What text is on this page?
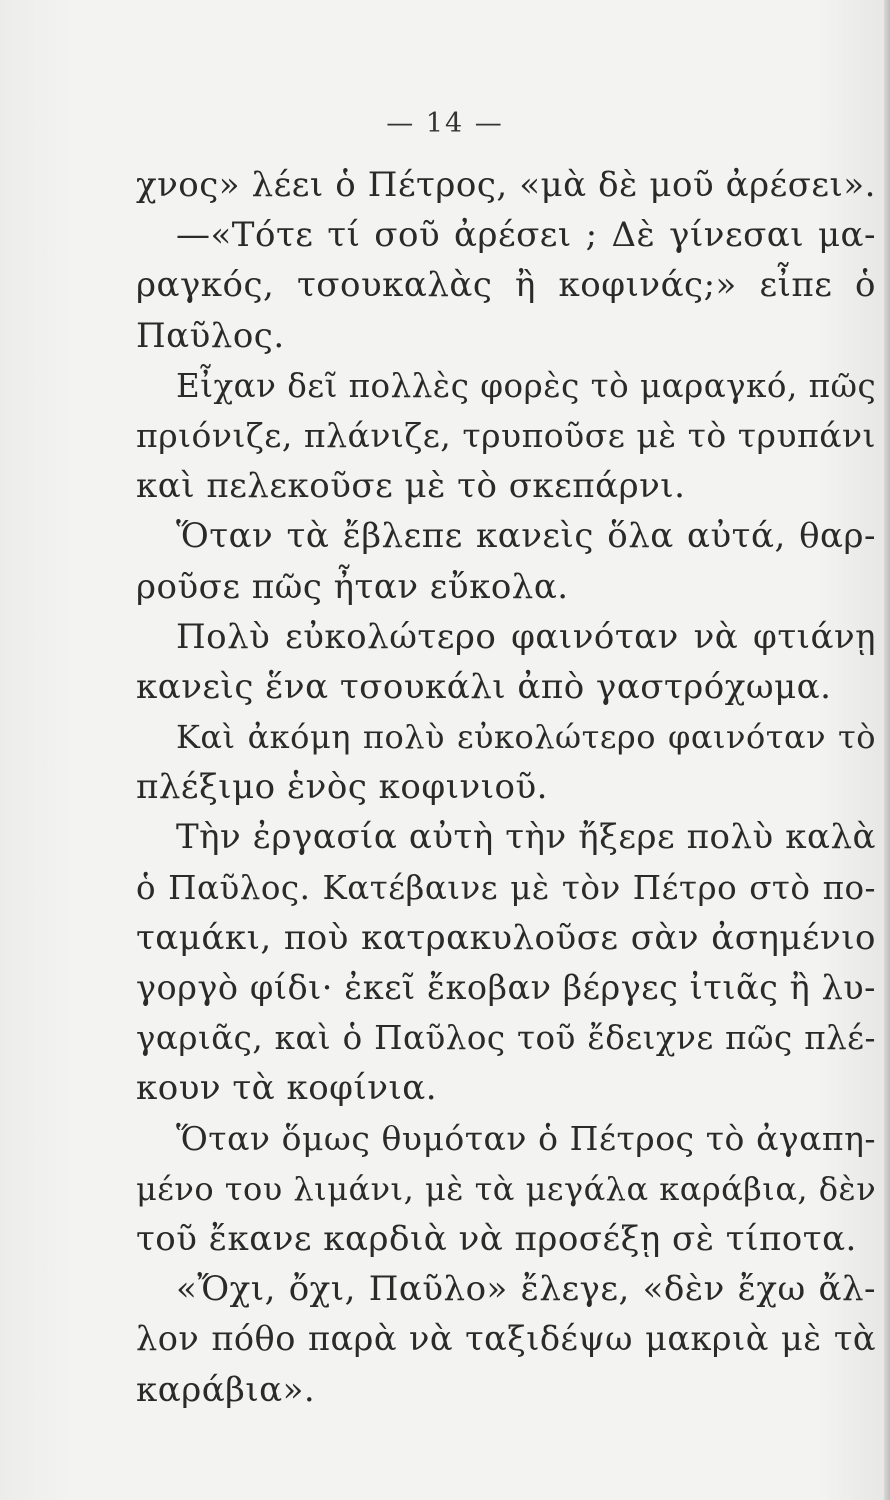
— 14 —
χνος» λέει ὁ Πέτρος, «μὰ δὲ μοῦ ἀρέσει».
—«Τότε τί σοῦ ἀρέσει ; Δὲ γίνεσαι μα-
ραγκός, τσουκαλὰς ἢ κοφινάς;» εἶπε ὁ
Παῦλος.
Εἶχαν δεῖ πολλὲς φορὲς τὸ μαραγκό, πῶς
πριόνιζε, πλάνιζε, τρυποῦσε μὲ τὸ τρυπάνι
καὶ πελεκοῦσε μὲ τὸ σκεπάρνι.
Ὅταν τὰ ἔβλεπε κανεὶς ὅλα αὐτά, θαρ-
ροῦσε πῶς ἦταν εὔκολα.
Πολὺ εὐκολώτερο φαινόταν νὰ φτιάνῃ
κανεὶς ἕνα τσουκάλι ἀπὸ γαστρόχωμα.
Καὶ ἀκόμη πολὺ εὐκολώτερο φαινόταν τὸ
πλέξιμο ἑνὸς κοφινιοῦ.
Τὴν ἐργασία αὐτὴ τὴν ἤξερε πολὺ καλὰ
ὁ Παῦλος. Κατέβαινε μὲ τὸν Πέτρο στὸ πο-
ταμάκι, ποὺ κατρακυλοῦσε σὰν ἀσημένιο
γοργὸ φίδι· ἐκεῖ ἔκοβαν βέργες ἰτιᾶς ἢ λυ-
γαριᾶς, καὶ ὁ Παῦλος τοῦ ἔδειχνε πῶς πλέ-
κουν τὰ κοφίνια.
Ὅταν ὅμως θυμόταν ὁ Πέτρος τὸ ἀγαπη-
μένο του λιμάνι, μὲ τὰ μεγάλα καράβια, δὲν
τοῦ ἔκανε καρδιὰ νὰ προσέξῃ σὲ τίποτα.
«Ὄχι, ὄχι, Παῦλο» ἔλεγε, «δὲν ἔχω ἄλ-
λον πόθο παρὰ νὰ ταξιδέψω μακριὰ μὲ τὰ
καράβια».
